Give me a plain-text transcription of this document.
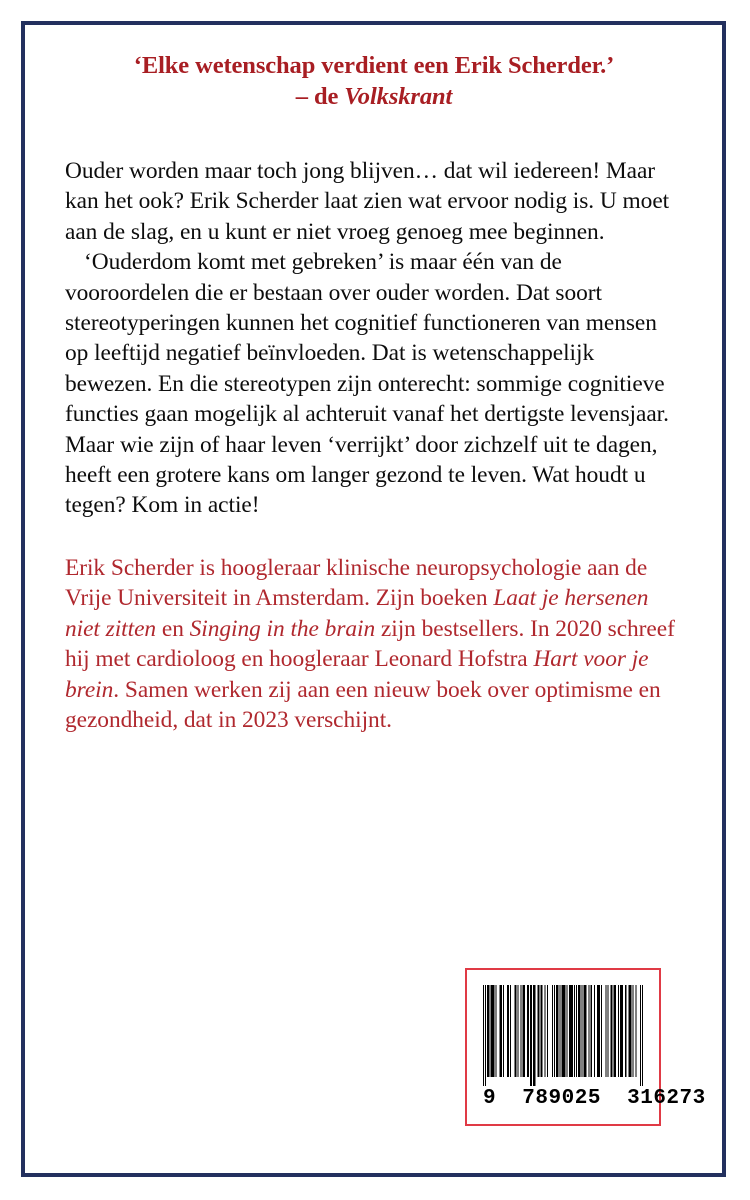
‘Elke wetenschap verdient een Erik Scherder.’
– de Volkskrant

Ouder worden maar toch jong blijven… dat wil iedereen! Maar kan het ook? Erik Scherder laat zien wat ervoor nodig is. U moet aan de slag, en u kunt er niet vroeg genoeg mee beginnen.

‘Ouderdom komt met gebreken’ is maar één van de vooroordelen die er bestaan over ouder worden. Dat soort stereotyperingen kunnen het cognitief functioneren van mensen op leeftijd negatief beïnvloeden. Dat is wetenschappelijk bewezen. En die stereotypen zijn onterecht: sommige cognitieve functies gaan mogelijk al achteruit vanaf het dertigste levensjaar. Maar wie zijn of haar leven ‘verrijkt’ door zichzelf uit te dagen, heeft een grotere kans om langer gezond te leven. Wat houdt u tegen? Kom in actie!

Erik Scherder is hoogleraar klinische neuropsychologie aan de Vrije Universiteit in Amsterdam. Zijn boeken Laat je hersenen niet zitten en Singing in the brain zijn bestsellers. In 2020 schreef hij met cardioloog en hoogleraar Leonard Hofstra Hart voor je brein. Samen werken zij aan een nieuw boek over optimisme en gezondheid, dat in 2023 verschijnt.
9  789025  316273
